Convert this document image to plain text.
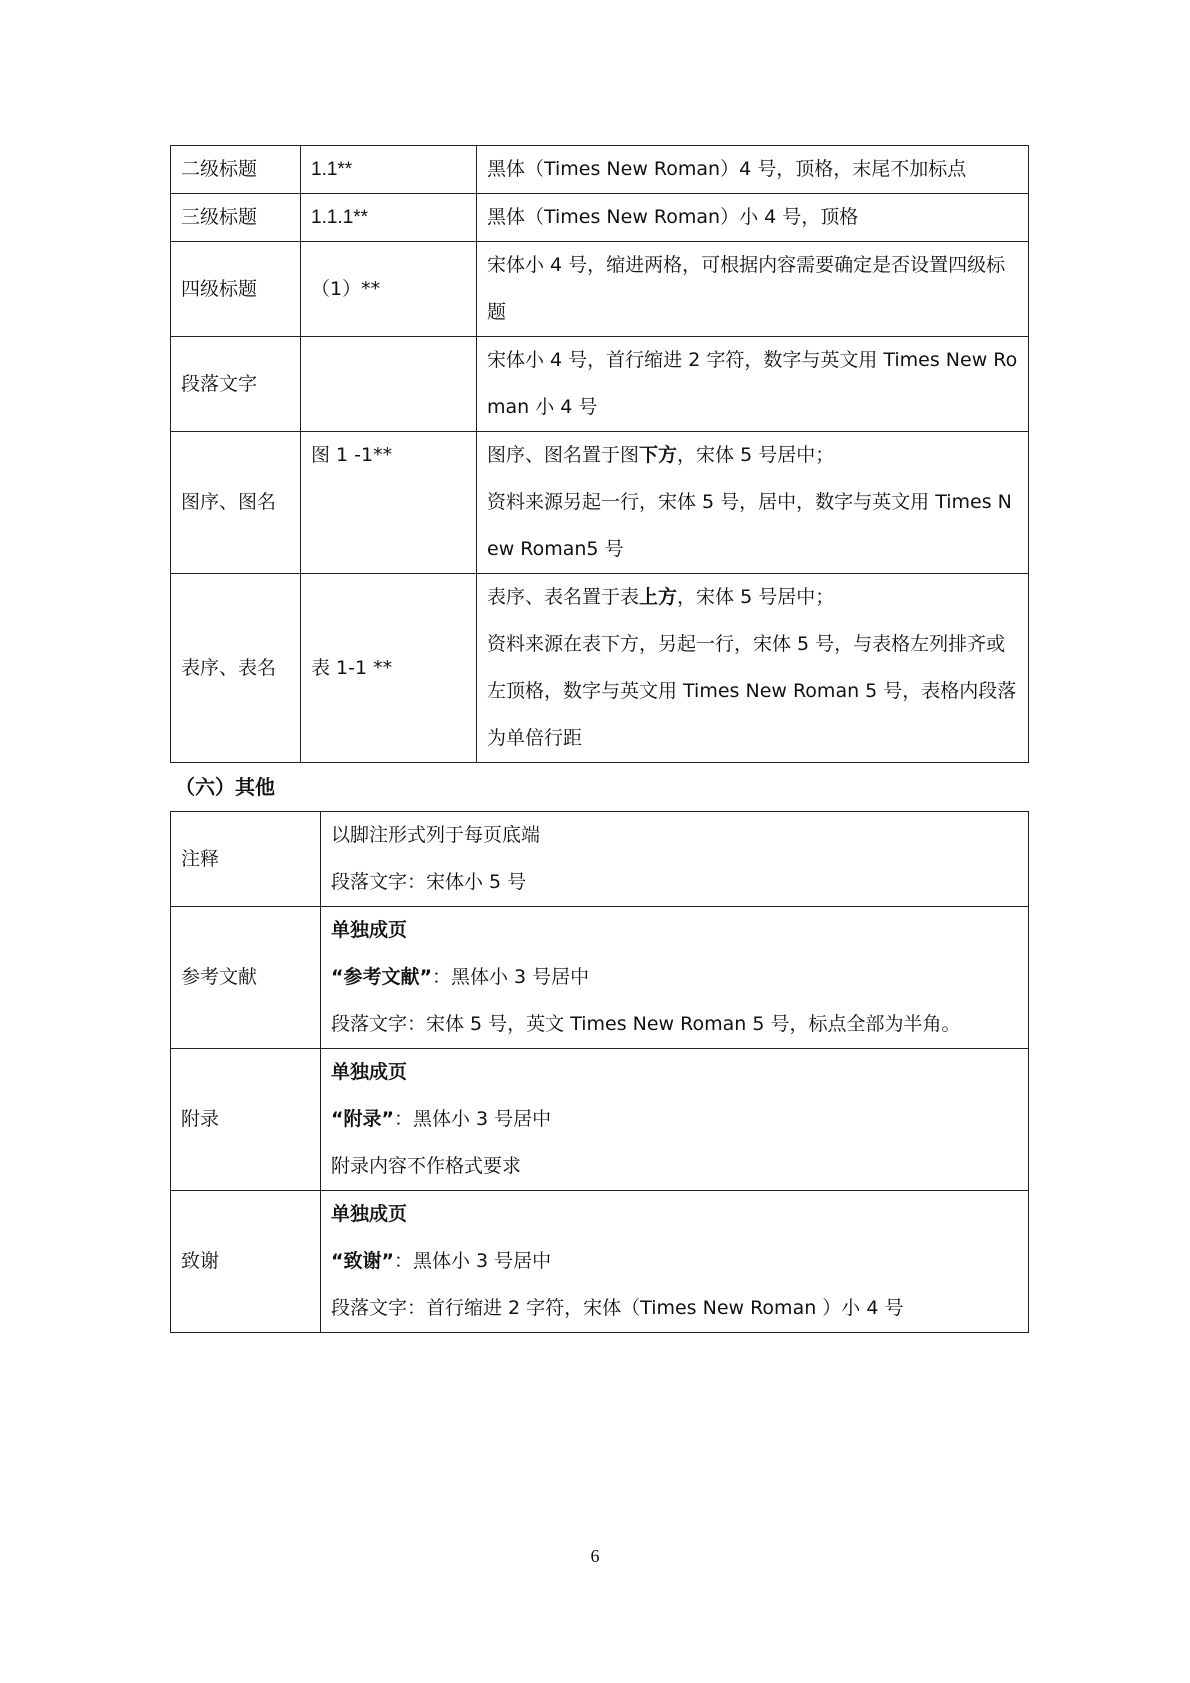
二级标题	1.1**	黑体（Times New Roman）4 号，顶格，末尾不加标点
三级标题	1.1.1**	黑体（Times New Roman）小 4 号，顶格
四级标题	（1）**	宋体小 4 号，缩进两格，可根据内容需要确定是否设置四级标题
段落文字		宋体小 4 号，首行缩进 2 字符，数字与英文用 Times New Roman 小 4 号
图序、图名	图 1 -1**	图序、图名置于图下方，宋体 5 号居中；
资料来源另起一行，宋体 5 号，居中，数字与英文用 Times New Roman5 号

表序、表名	表 1-1 **	表序、表名置于表上方，宋体 5 号居中；
资料来源在表下方，另起一行，宋体 5 号，与表格左列排齐或左顶格，数字与英文用 Times New Roman 5 号，表格内段落为单倍行距
（六）其他
注释	以脚注形式列于每页底端
段落文字：宋体小 5 号

参考文献	单独成页
“参考文献”：黑体小 3 号居中
段落文字：宋体 5 号，英文 Times New Roman 5 号，标点全部为半角。

附录	单独成页
“附录”：黑体小 3 号居中
附录内容不作格式要求

致谢	单独成页
“致谢”：黑体小 3 号居中
段落文字：首行缩进 2 字符，宋体（Times New Roman ）小 4 号
6
